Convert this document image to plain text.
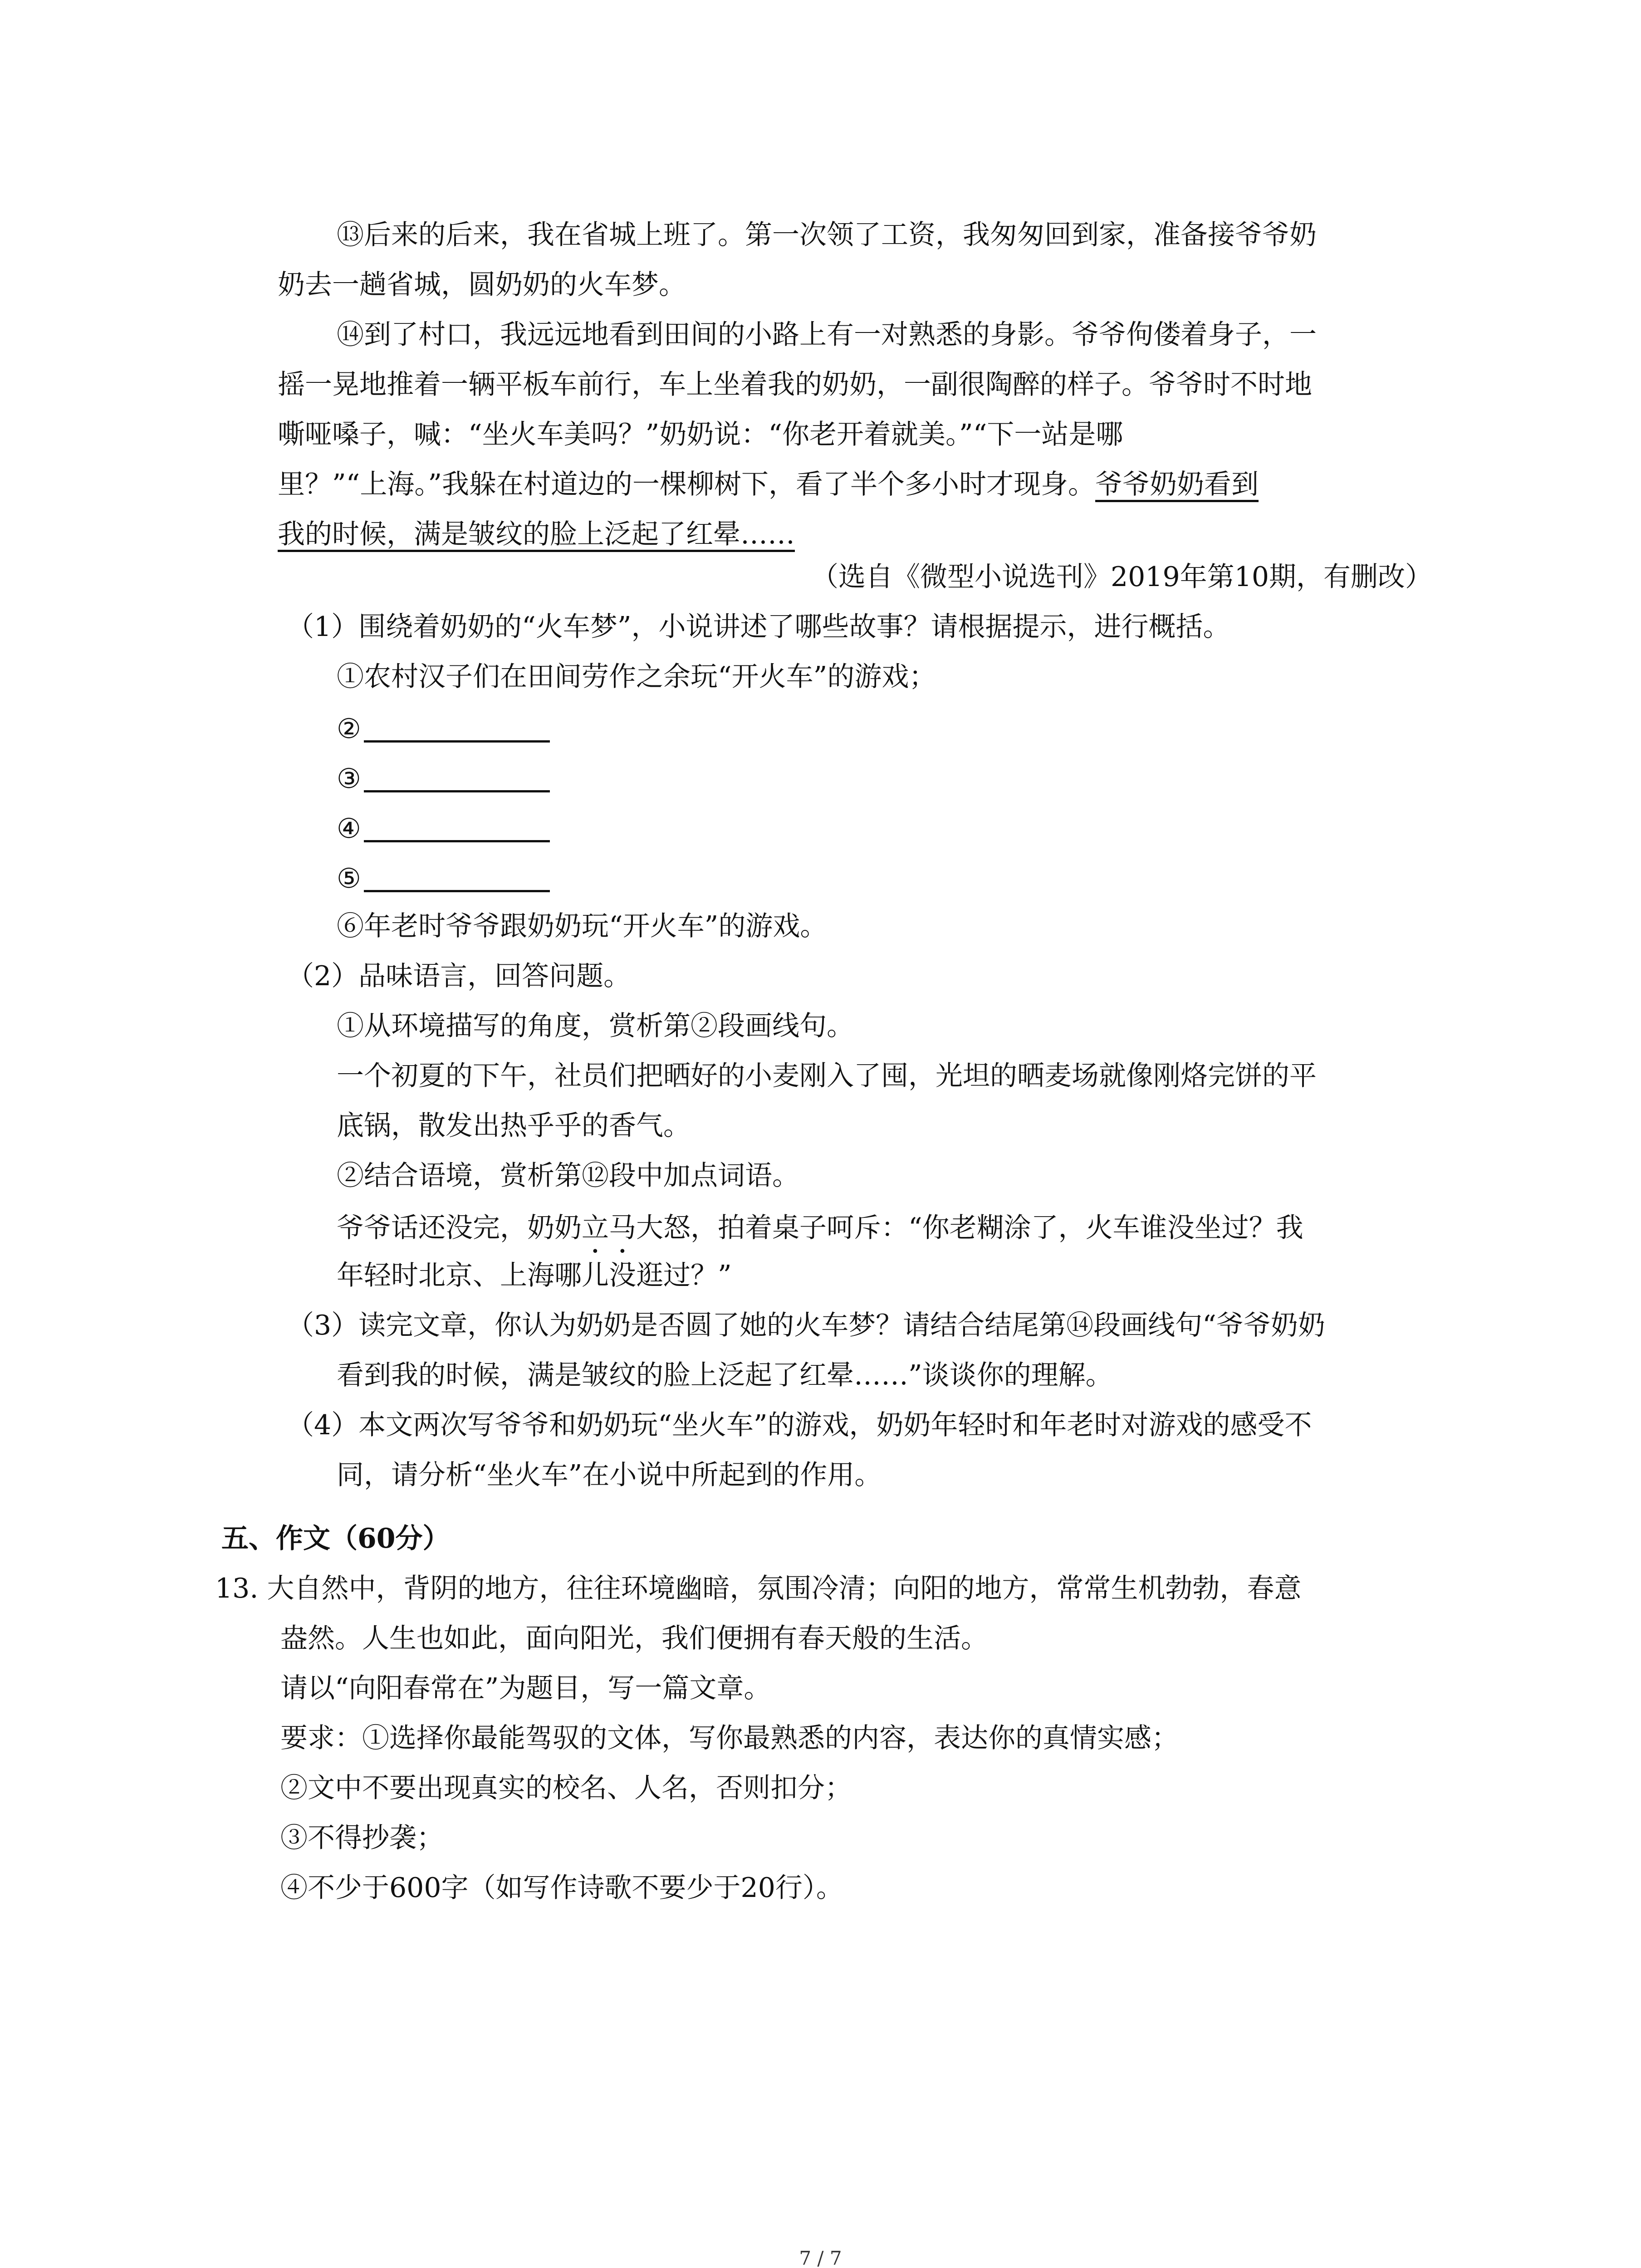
⑬后来的后来，我在省城上班了。第一次领了工资，我匆匆回到家，准备接爷爷奶
奶去一趟省城，圆奶奶的火车梦。
⑭到了村口，我远远地看到田间的小路上有一对熟悉的身影。爷爷佝偻着身子，一
摇一晃地推着一辆平板车前行，车上坐着我的奶奶，一副很陶醉的样子。爷爷时不时地
嘶哑嗓子，喊：“坐火车美吗？”奶奶说：“你老开着就美。”“下一站是哪
里？”“上海。”我躲在村道边的一棵柳树下，看了半个多小时才现身。爷爷奶奶看到
我的时候，满是皱纹的脸上泛起了红晕……
（选自《微型小说选刊》2019年第10期，有删改）
（1）围绕着奶奶的“火车梦”，小说讲述了哪些故事？请根据提示，进行概括。
①农村汉子们在田间劳作之余玩“开火车”的游戏；
②
③
④
⑤
⑥年老时爷爷跟奶奶玩“开火车”的游戏。
（2）品味语言，回答问题。
①从环境描写的角度，赏析第②段画线句。
一个初夏的下午，社员们把晒好的小麦刚入了囤，光坦的晒麦场就像刚烙完饼的平
底锅，散发出热乎乎的香气。
②结合语境，赏析第⑫段中加点词语。
爷爷话还没完，奶奶立马大怒，拍着桌子呵斥：“你老糊涂了，火车谁没坐过？我
年轻时北京、上海哪儿没逛过？”
（3）读完文章，你认为奶奶是否圆了她的火车梦？请结合结尾第⑭段画线句“爷爷奶奶
看到我的时候，满是皱纹的脸上泛起了红晕……”谈谈你的理解。
（4）本文两次写爷爷和奶奶玩“坐火车”的游戏，奶奶年轻时和年老时对游戏的感受不
同，请分析“坐火车”在小说中所起到的作用。
五、作文（60分）
13. 大自然中，背阴的地方，往往环境幽暗，氛围冷清；向阳的地方，常常生机勃勃，春意
盎然。人生也如此，面向阳光，我们便拥有春天般的生活。
请以“向阳春常在”为题目，写一篇文章。
要求：①选择你最能驾驭的文体，写你最熟悉的内容，表达你的真情实感；
②文中不要出现真实的校名、人名，否则扣分；
③不得抄袭；
④不少于600字（如写作诗歌不要少于20行）。
7 / 7
